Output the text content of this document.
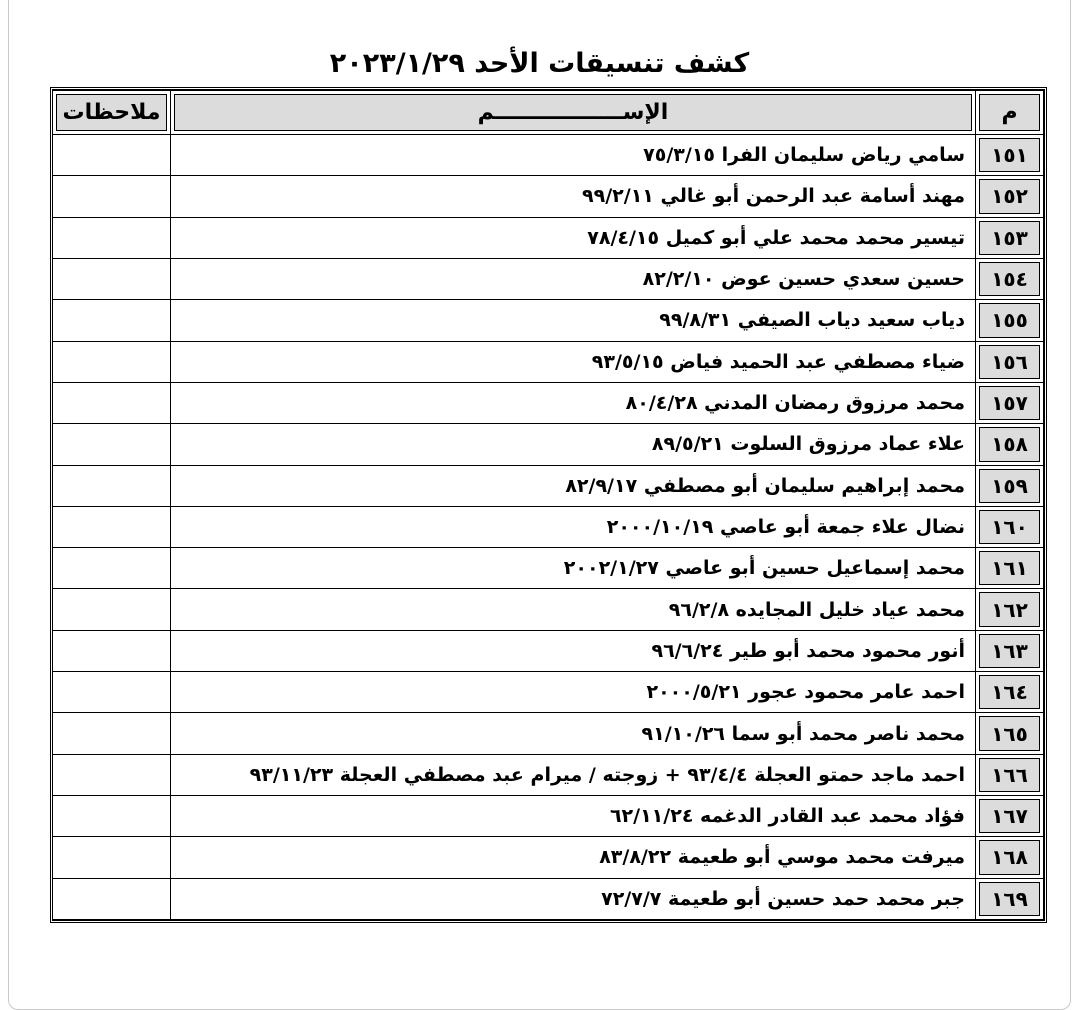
كشف تنسيقات الأحد ٢٠٢٣/١/٢٩
م	الإســـــــــــــــــم	ملاحظات
١٥١	سامي رياض سليمان الفرا ٧٥/٣/١٥	
١٥٢	مهند أسامة عبد الرحمن أبو غالي ٩٩/٢/١١	
١٥٣	تيسير محمد محمد علي أبو كميل ٧٨/٤/١٥	
١٥٤	حسين سعدي حسين عوض ٨٢/٢/١٠	
١٥٥	دياب سعيد دياب الصيفي ٩٩/٨/٣١	
١٥٦	ضياء مصطفي عبد الحميد فياض ٩٣/٥/١٥	
١٥٧	محمد مرزوق رمضان المدني ٨٠/٤/٢٨	
١٥٨	علاء عماد مرزوق السلوت ٨٩/٥/٢١	
١٥٩	محمد إبراهيم سليمان أبو مصطفي ٨٢/٩/١٧	
١٦٠	نضال علاء جمعة أبو عاصي ٢٠٠٠/١٠/١٩	
١٦١	محمد إسماعيل حسين أبو عاصي ٢٠٠٢/١/٢٧	
١٦٢	محمد عياد خليل المجايده ٩٦/٢/٨	
١٦٣	أنور محمود محمد أبو طير ٩٦/٦/٢٤	
١٦٤	احمد عامر محمود عجور ٢٠٠٠/٥/٢١	
١٦٥	محمد ناصر محمد أبو سما ٩١/١٠/٢٦	
١٦٦	احمد ماجد حمتو العجلة ٩٣/٤/٤ + زوجته / ميرام عبد مصطفي العجلة ٩٣/١١/٢٣	
١٦٧	فؤاد محمد عبد القادر الدغمه ٦٢/١١/٢٤	
١٦٨	ميرفت محمد موسي أبو طعيمة ٨٣/٨/٢٢	
١٦٩	جبر محمد حمد حسين أبو طعيمة ٧٢/٧/٧	
